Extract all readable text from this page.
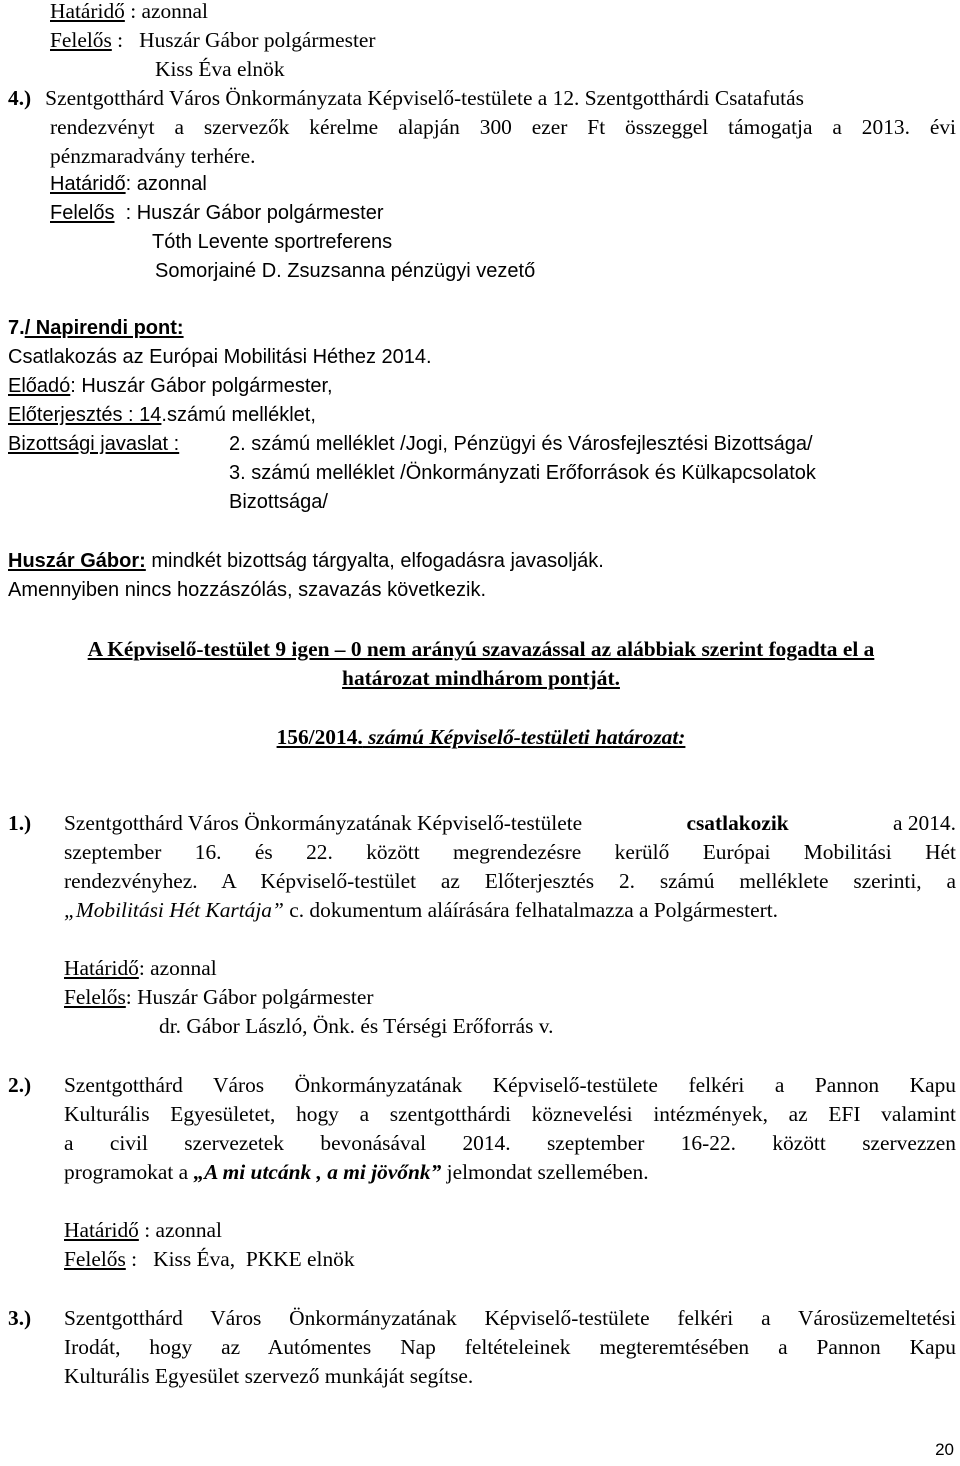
Határidő : azonnal
Felelős :   Huszár Gábor polgármester
Kiss Éva elnök
4.) Szentgotthárd Város Önkormányzata Képviselő-testülete a 12. Szentgotthárdi Csatafutás
rendezvényt a szervezők kérelme alapján 300 ezer Ft összeggel támogatja a 2013. évi
pénzmaradvány terhére.
Határidő: azonnal
Felelős  : Huszár Gábor polgármester
Tóth Levente sportreferens
Somorjainé D. Zsuzsanna pénzügyi vezető
7./ Napirendi pont:
Csatlakozás az Európai Mobilitási Héthez 2014.
Előadó: Huszár Gábor polgármester,
Előterjesztés : 14.számú melléklet,
Bizottsági javaslat : 2. számú melléklet /Jogi, Pénzügyi és Városfejlesztési Bizottsága/
3. számú melléklet /Önkormányzati Erőforrások és Külkapcsolatok
Bizottsága/
Huszár Gábor: mindkét bizottság tárgyalta, elfogadásra javasolják.
Amennyiben nincs hozzászólás, szavazás következik.
A Képviselő-testület 9 igen – 0 nem arányú szavazással az alábbiak szerint fogadta el a
határozat mindhárom pontját.
156/2014. számú Képviselő-testületi határozat:
1.) Szentgotthárd Város Önkormányzatának Képviselő-testülete	csatlakozik	a 2014.
szeptember 16. és 22. között megrendezésre kerülő Európai Mobilitási Hét
rendezvényhez. A Képviselő-testület az Előterjesztés 2. számú melléklete szerinti, a
„Mobilitási Hét Kartája” c. dokumentum aláírására felhatalmazza a Polgármestert.
Határidő: azonnal
Felelős: Huszár Gábor polgármester
dr. Gábor László, Önk. és Térségi Erőforrás v.
2.) Szentgotthárd Város Önkormányzatának Képviselő-testülete felkéri a Pannon Kapu
Kulturális Egyesületet, hogy a szentgotthárdi köznevelési intézmények, az EFI valamint
a civil szervezetek bevonásával 2014. szeptember 16-22. között szervezzen
programokat a „A mi utcánk , a mi jövőnk” jelmondat szellemében.
Határidő : azonnal
Felelős :   Kiss Éva,  PKKE elnök
3.) Szentgotthárd Város Önkormányzatának Képviselő-testülete felkéri a Városüzemeltetési
Irodát, hogy az Autómentes Nap feltételeinek megteremtésében a Pannon Kapu
Kulturális Egyesület szervező munkáját segítse.
20
